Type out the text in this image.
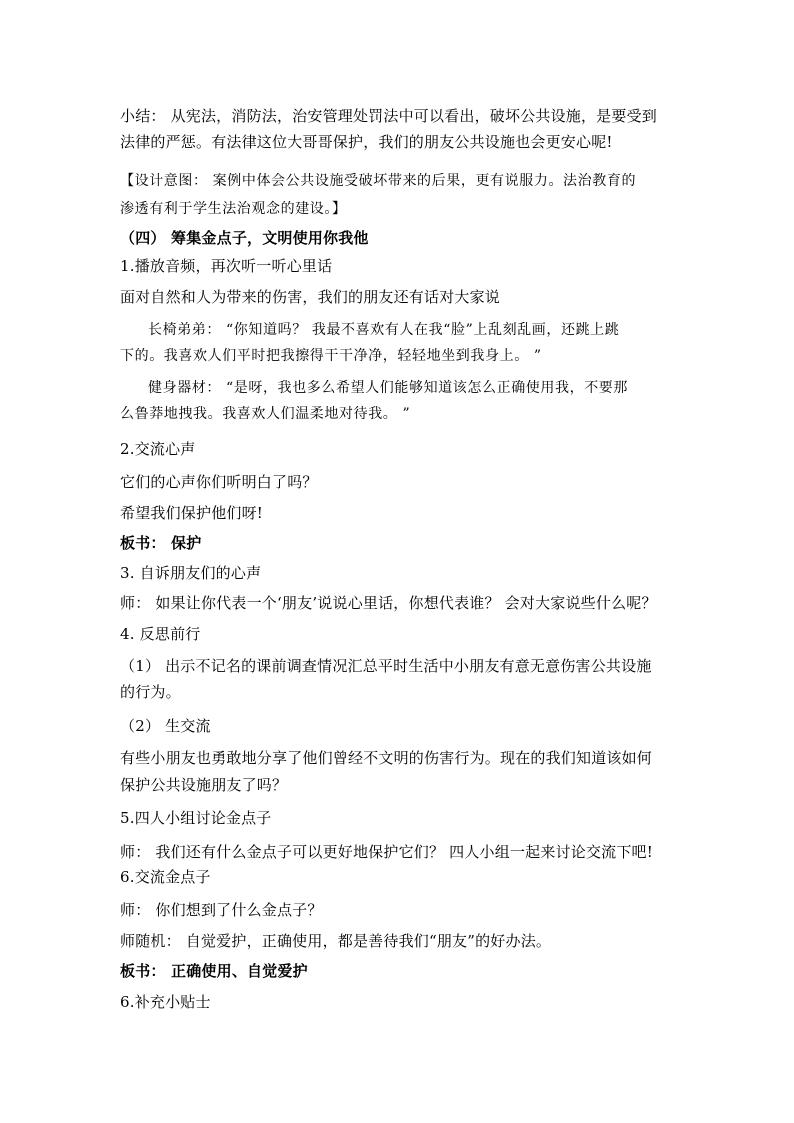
小结： 从宪法，消防法，治安管理处罚法中可以看出，破坏公共设施，是要受到
法律的严惩。有法律这位大哥哥保护，我们的朋友公共设施也会更安心呢!
【设计意图： 案例中体会公共设施受破坏带来的后果，更有说服力。法治教育的
渗透有利于学生法治观念的建设。】
（四） 筹集金点子，文明使用你我他
1.播放音频，再次听一听心里话
面对自然和人为带来的伤害，我们的朋友还有话对大家说
长椅弟弟： “你知道吗？ 我最不喜欢有人在我“脸”上乱刻乱画，还跳上跳
下的。我喜欢人们平时把我擦得干干净净，轻轻地坐到我身上。 ”
健身器材： “是呀，我也多么希望人们能够知道该怎么正确使用我，不要那
么鲁莽地拽我。我喜欢人们温柔地对待我。 ”
2.交流心声
它们的心声你们听明白了吗？
希望我们保护他们呀!
板书： 保护
3. 自诉朋友们的心声
师： 如果让你代表一个‘朋友’说说心里话，你想代表谁？ 会对大家说些什么呢？
4. 反思前行
（1） 出示不记名的课前调查情况汇总平时生活中小朋友有意无意伤害公共设施
的行为。
（2） 生交流
有些小朋友也勇敢地分享了他们曾经不文明的伤害行为。现在的我们知道该如何
保护公共设施朋友了吗？
5.四人小组讨论金点子
师： 我们还有什么金点子可以更好地保护它们？ 四人小组一起来讨论交流下吧!
6.交流金点子
师： 你们想到了什么金点子？
师随机： 自觉爱护，正确使用，都是善待我们“朋友”的好办法。
板书： 正确使用、自觉爱护
6.补充小贴士
